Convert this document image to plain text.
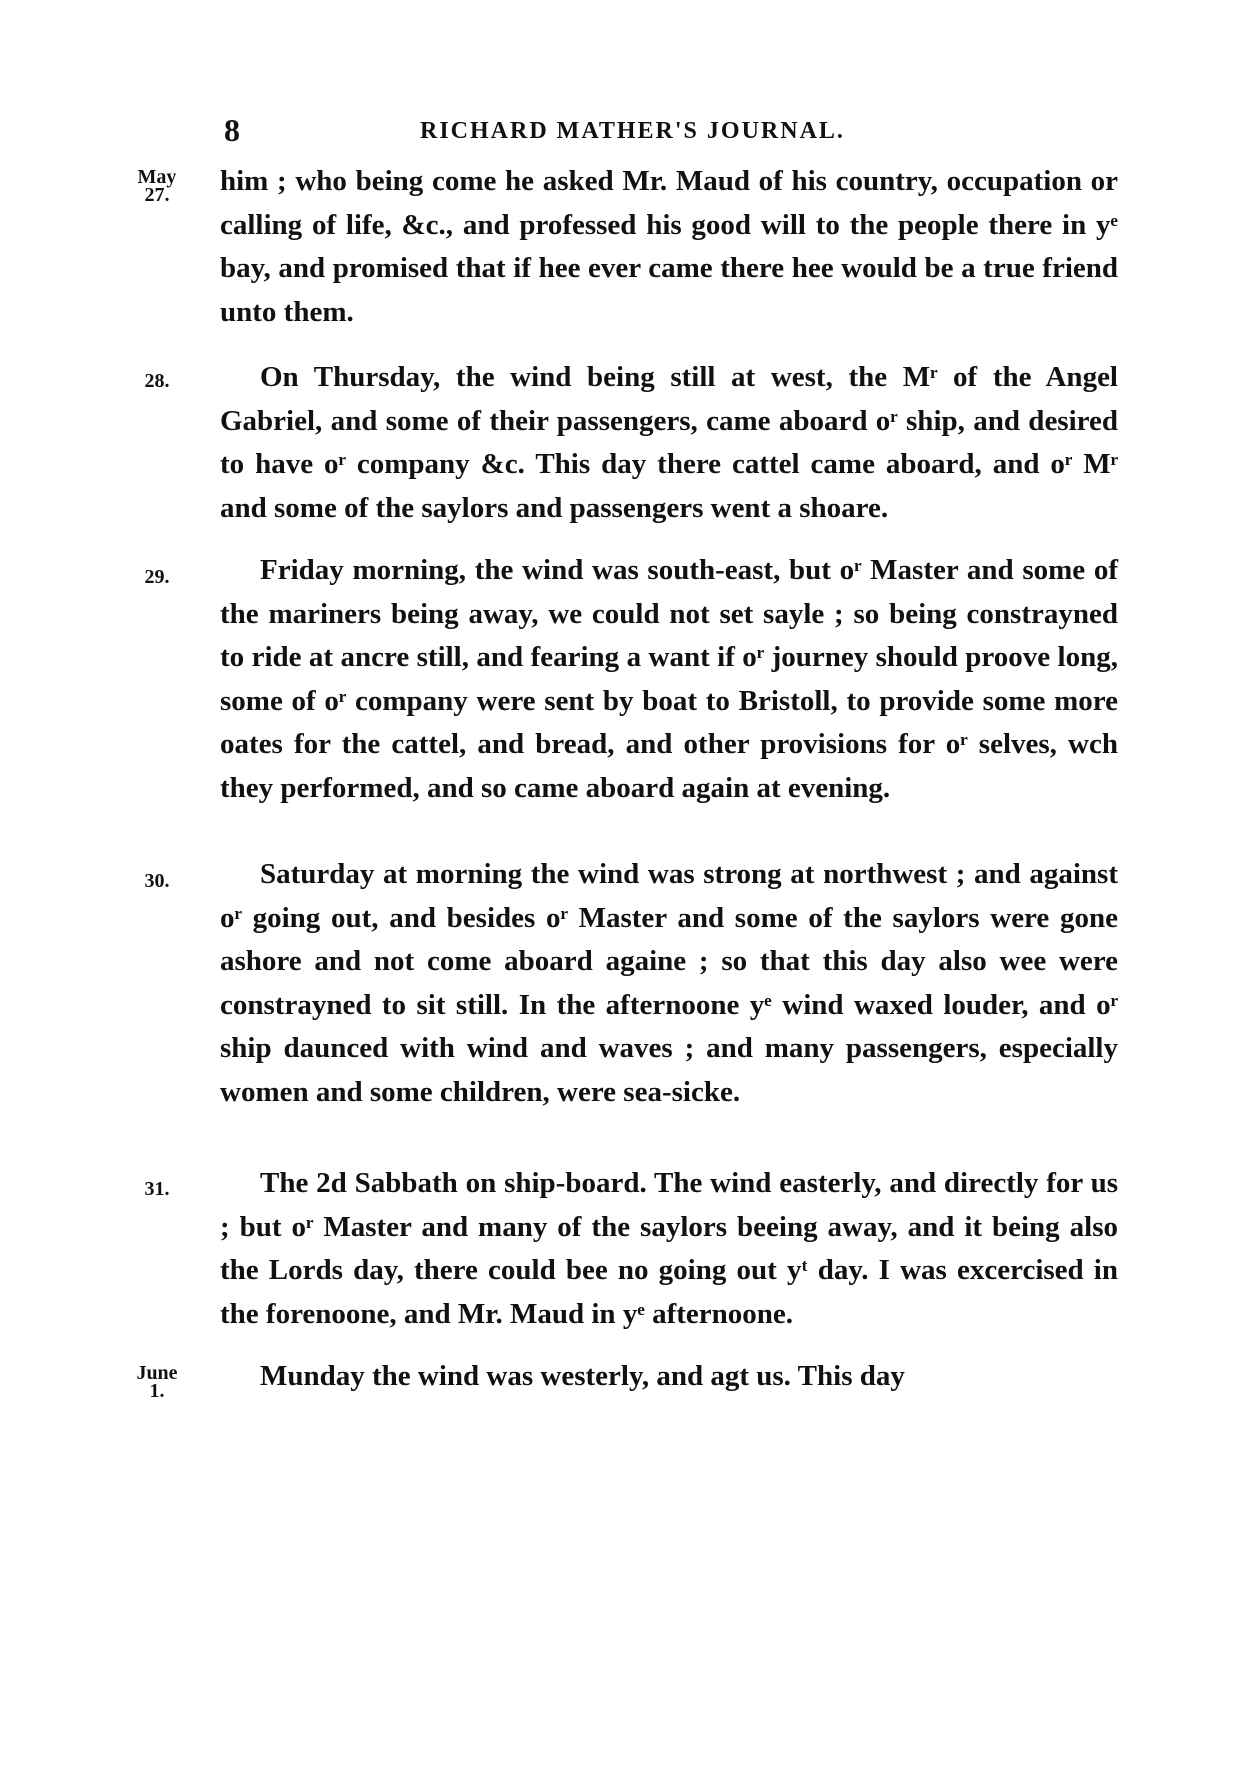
8	RICHARD MATHER'S JOURNAL.
May
27.	him ; who being come he asked Mr. Maud of his country, occupation or calling of life, &c., and professed his good will to the people there in yᵉ bay, and promised that if hee ever came there hee would be a true friend unto them.

28.	On Thursday, the wind being still at west, the Mʳ of the Angel Gabriel, and some of their passengers, came aboard oʳ ship, and desired to have oʳ company &c. This day there cattel came aboard, and oʳ Mʳ and some of the saylors and passengers went a shoare.

29.	Friday morning, the wind was south-east, but oʳ Master and some of the mariners being away, we could not set sayle ; so being constrayned to ride at ancre still, and fearing a want if oʳ journey should proove long, some of oʳ company were sent by boat to Bristoll, to provide some more oates for the cattel, and bread, and other provisions for oʳ selves, wch they performed, and so came aboard again at evening.

30.	Saturday at morning the wind was strong at northwest ; and against oʳ going out, and besides oʳ Master and some of the saylors were gone ashore and not come aboard againe ; so that this day also wee were constrayned to sit still. In the afternoone yᵉ wind waxed louder, and oʳ ship daunced with wind and waves ; and many passengers, especially women and some children, were sea-sicke.

31.	The 2d Sabbath on ship-board. The wind easterly, and directly for us ; but oʳ Master and many of the saylors beeing away, and it being also the Lords day, there could bee no going out yᵗ day. I was excercised in the forenoone, and Mr. Maud in yᵉ afternoone.

June
1.	Munday the wind was westerly, and agt us. This day
